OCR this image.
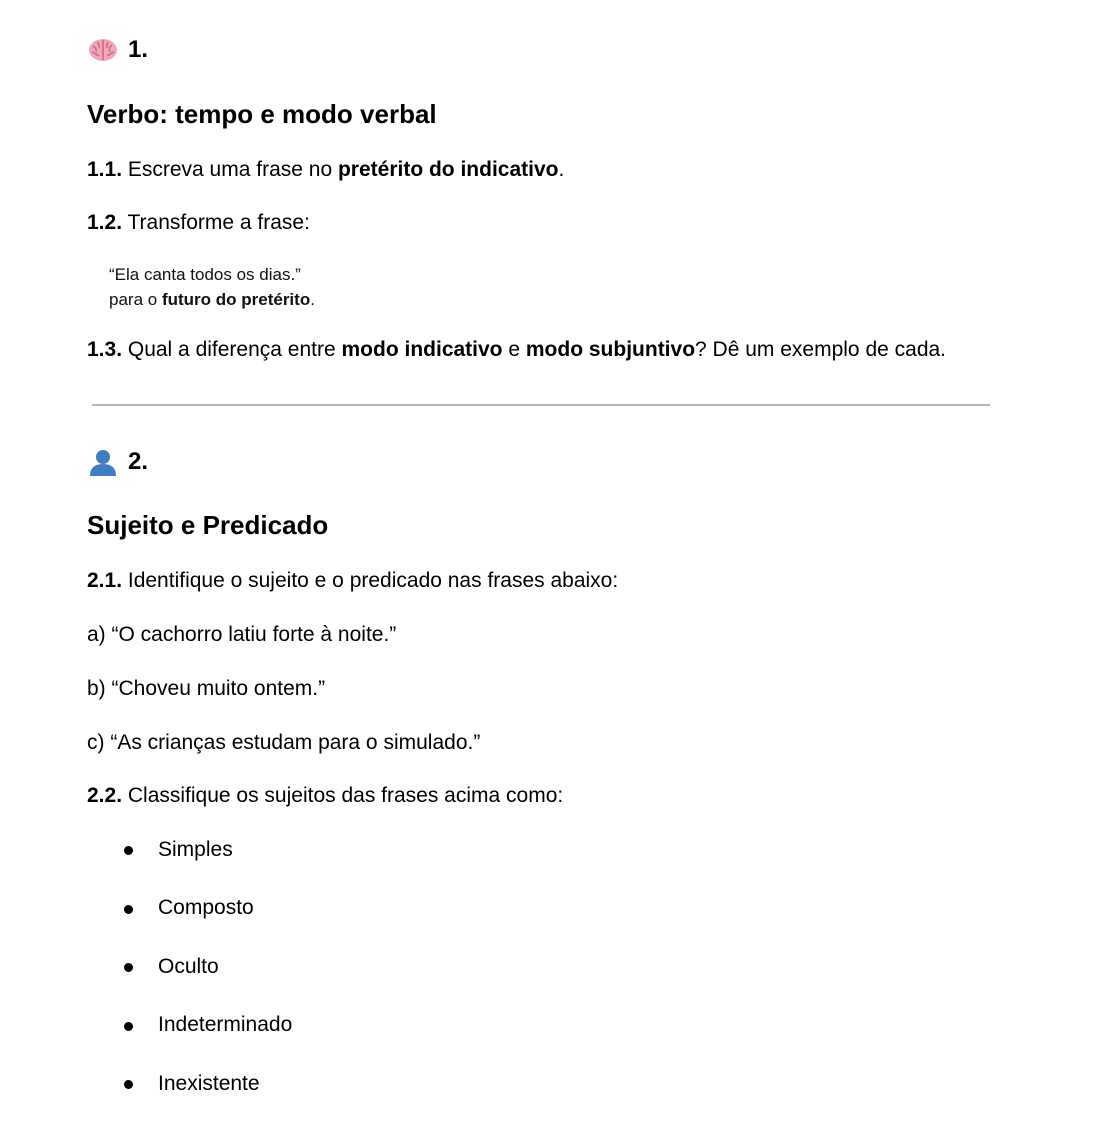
1.
Verbo: tempo e modo verbal
1.1. Escreva uma frase no pretérito do indicativo.
1.2. Transforme a frase:
“Ela canta todos os dias.”
para o futuro do pretérito.
1.3. Qual a diferença entre modo indicativo e modo subjuntivo? Dê um exemplo de cada.
2.
Sujeito e Predicado
2.1. Identifique o sujeito e o predicado nas frases abaixo:
a) “O cachorro latiu forte à noite.”
b) “Choveu muito ontem.”
c) “As crianças estudam para o simulado.”
2.2. Classifique os sujeitos das frases acima como:
Simples
Composto
Oculto
Indeterminado
Inexistente
